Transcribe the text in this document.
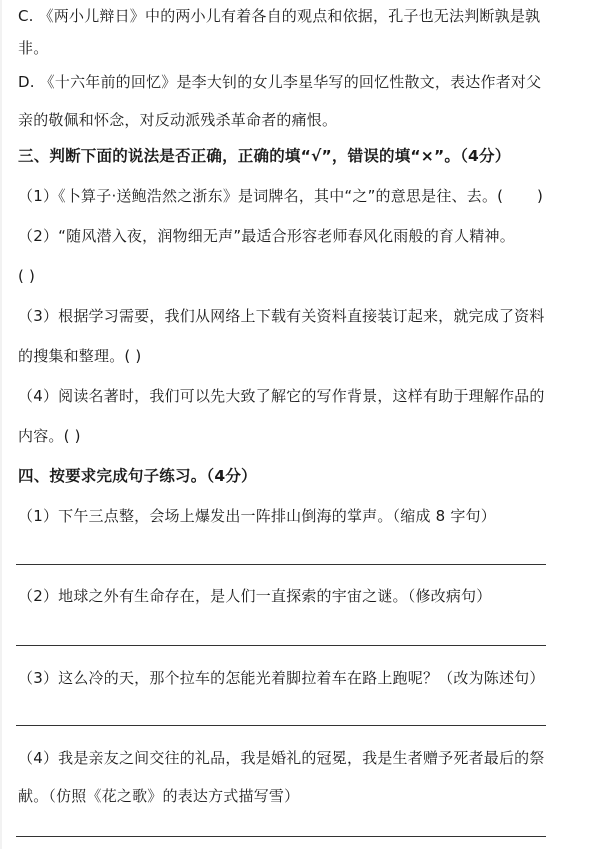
C. 《两小儿辩日》中的两小儿有着各自的观点和依据，孔子也无法判断孰是孰
非。
D. 《十六年前的回忆》是李大钊的女儿李星华写的回忆性散文，表达作者对父
亲的敬佩和怀念，对反动派残杀革命者的痛恨。
三、判断下面的说法是否正确，正确的填“√”，错误的填“×”。（4分）
（1）《卜算子·送鲍浩然之浙东》是词牌名，其中“之”的意思是往、去。( )
（2）“随风潜入夜，润物细无声”最适合形容老师春风化雨般的育人精神。
( )
（3）根据学习需要，我们从网络上下载有关资料直接装订起来，就完成了资料
的搜集和整理。( )
（4）阅读名著时，我们可以先大致了解它的写作背景，这样有助于理解作品的
内容。( )
四、按要求完成句子练习。（4分）
（1）下午三点整，会场上爆发出一阵排山倒海的掌声。（缩成 8 字句）
（2）地球之外有生命存在，是人们一直探索的宇宙之谜。（修改病句）
（3）这么冷的天，那个拉车的怎能光着脚拉着车在路上跑呢？（改为陈述句）
（4）我是亲友之间交往的礼品，我是婚礼的冠冕，我是生者赠予死者最后的祭
献。（仿照《花之歌》的表达方式描写雪）
